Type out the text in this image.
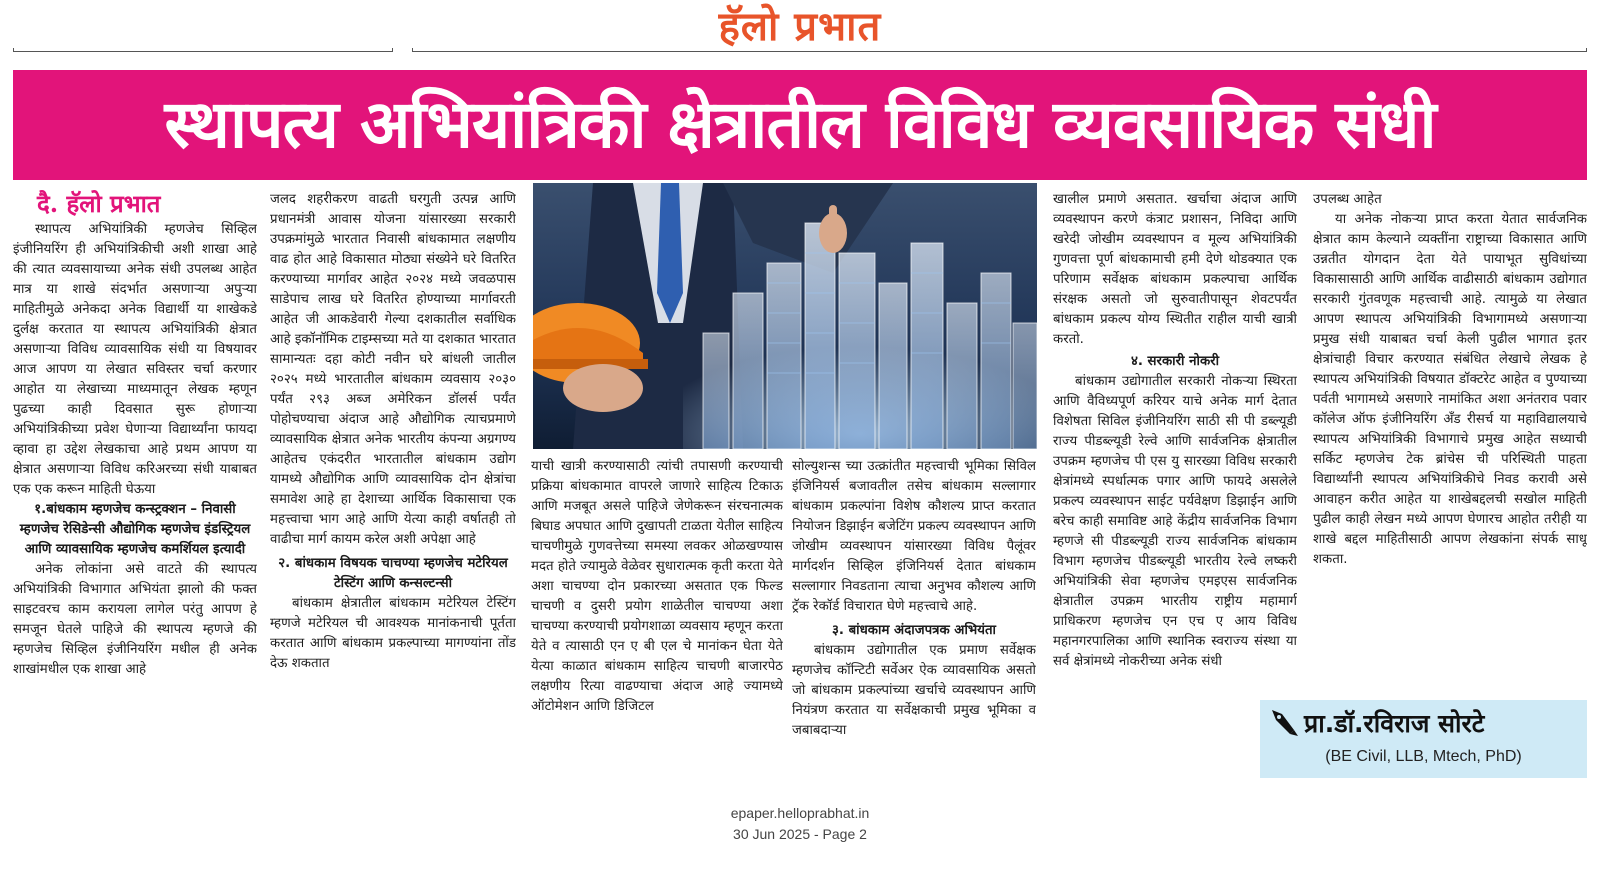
हॅलो प्रभात
स्थापत्य अभियांत्रिकी क्षेत्रातील विविध व्यवसायिक संधी
दै. हॅलो प्रभात

स्थापत्य अभियांत्रिकी म्हणजेच सिव्हिल इंजीनियरिंग ही अभियांत्रिकीची अशी शाखा आहे की त्यात व्यवसायाच्या अनेक संधी उपलब्ध आहेत मात्र या शाखे संदर्भात असणाऱ्या अपुऱ्या माहितीमुळे अनेकदा अनेक विद्यार्थी या शाखेकडे दुर्लक्ष करतात या स्थापत्य अभियांत्रिकी क्षेत्रात असणाऱ्या विविध व्यावसायिक संधी या विषयावर आज आपण या लेखात सविस्तर चर्चा करणार आहोत या लेखाच्या माध्यमातून लेखक म्हणून पुढच्या काही दिवसात सुरू होणाऱ्या अभियांत्रिकीच्या प्रवेश घेणाऱ्या विद्यार्थ्यांना फायदा व्हावा हा उद्देश लेखकाचा आहे प्रथम आपण या क्षेत्रात असणाऱ्या विविध करिअरच्या संधी याबाबत एक एक करून माहिती घेऊया

१.बांधकाम म्हणजेच कन्स्ट्रक्शन – निवासी म्हणजेच रेसिडेन्सी औद्योगिक म्हणजेच इंडस्ट्रियल आणि व्यावसायिक म्हणजेच कमर्शियल इत्यादी

अनेक लोकांना असे वाटते की स्थापत्य अभियांत्रिकी विभागात अभियंता झालो की फक्त साइटवरच काम करायला लागेल परंतु आपण हे समजून घेतले पाहिजे की स्थापत्य म्हणजे की म्हणजेच सिव्हिल इंजीनियरिंग मधील ही अनेक शाखांमधील एक शाखा आहे

जलद शहरीकरण वाढती घरगुती उत्पन्न आणि प्रधानमंत्री आवास योजना यांसारख्या सरकारी उपक्रमांमुळे भारतात निवासी बांधकामात लक्षणीय वाढ होत आहे विकासात मोठ्या संख्येने घरे वितरित करण्याच्या मार्गावर आहेत २०२४ मध्ये जवळपास साडेपाच लाख घरे वितरित होण्याच्या मार्गावरती आहेत जी आकडेवारी गेल्या दशकातील सर्वाधिक आहे इकॉनॉमिक टाइम्सच्या मते या दशकात भारतात सामान्यतः दहा कोटी नवीन घरे बांधली जातील २०२५ मध्ये भारतातील बांधकाम व्यवसाय २०३० पर्यंत २९३ अब्ज अमेरिकन डॉलर्स पर्यंत पोहोचण्याचा अंदाज आहे औद्योगिक त्याचप्रमाणे व्यावसायिक क्षेत्रात अनेक भारतीय कंपन्या अग्रगण्य आहेतच एकंदरीत भारतातील बांधकाम उद्योग यामध्ये औद्योगिक आणि व्यावसायिक दोन क्षेत्रांचा समावेश आहे हा देशाच्या आर्थिक विकासाचा एक महत्त्वाचा भाग आहे आणि येत्या काही वर्षातही तो वाढीचा मार्ग कायम करेल अशी अपेक्षा आहे

२. बांधकाम विषयक चाचण्या म्हणजेच मटेरियल टेस्टिंग आणि कन्सल्टन्सी

बांधकाम क्षेत्रातील बांधकाम मटेरियल टेस्टिंग म्हणजे मटेरियल ची आवश्यक मानांकनाची पूर्तता करतात आणि बांधकाम प्रकल्पाच्या मागण्यांना तोंड देऊ शकतात

याची खात्री करण्यासाठी त्यांची तपासणी करण्याची प्रक्रिया बांधकामात वापरले जाणारे साहित्य टिकाऊ आणि मजबूत असले पाहिजे जेणेकरून संरचनात्मक बिघाड अपघात आणि दुखापती टाळता येतील साहित्य चाचणीमुळे गुणवत्तेच्या समस्या लवकर ओळखण्यास मदत होते ज्यामुळे वेळेवर सुधारात्मक कृती करता येते अशा चाचण्या दोन प्रकारच्या असतात एक फिल्ड चाचणी व दुसरी प्रयोग शाळेतील चाचण्या अशा चाचण्या करण्याची प्रयोगशाळा व्यवसाय म्हणून करता येते व त्यासाठी एन ए बी एल चे मानांकन घेता येते येत्या काळात बांधकाम साहित्य चाचणी बाजारपेठ लक्षणीय रित्या वाढण्याचा अंदाज आहे ज्यामध्ये ऑटोमेशन आणि डिजिटल

सोल्युशन्स च्या उत्क्रांतीत महत्त्वाची भूमिका सिविल इंजिनियर्स बजावतील तसेच बांधकाम सल्लागार बांधकाम प्रकल्पांना विशेष कौशल्य प्राप्त करतात नियोजन डिझाईन बजेटिंग प्रकल्प व्यवस्थापन आणि जोखीम व्यवस्थापन यांसारख्या विविध पैलूंवर मार्गदर्शन सिव्हिल इंजिनियर्स देतात बांधकाम सल्लागार निवडताना त्याचा अनुभव कौशल्य आणि ट्रॅक रेकॉर्ड विचारात घेणे महत्त्वाचे आहे.

३. बांधकाम अंदाजपत्रक अभियंता

बांधकाम उद्योगातील एक प्रमाण सर्वेक्षक म्हणजेच कॉन्टिटी सर्वेअर ऐक व्यावसायिक असतो जो बांधकाम प्रकल्पांच्या खर्चाचे व्यवस्थापन आणि नियंत्रण करतात या सर्वेक्षकाची प्रमुख भूमिका व जबाबदाऱ्या

खालील प्रमाणे असतात. खर्चाचा अंदाज आणि व्यवस्थापन करणे कंत्राट प्रशासन, निविदा आणि खरेदी जोखीम व्यवस्थापन व मूल्य अभियांत्रिकी गुणवत्ता पूर्ण बांधकामाची हमी देणे थोडक्यात एक परिणाम सर्वेक्षक बांधकाम प्रकल्पाचा आर्थिक संरक्षक असतो जो सुरुवातीपासून शेवटपर्यंत बांधकाम प्रकल्प योग्य स्थितीत राहील याची खात्री करतो.

४. सरकारी नोकरी

बांधकाम उद्योगातील सरकारी नोकऱ्या स्थिरता आणि वैविध्यपूर्ण करियर याचे अनेक मार्ग देतात विशेषता सिविल इंजीनियरिंग साठी सी पी डब्ल्यूडी राज्य पीडब्ल्यूडी रेल्वे आणि सार्वजनिक क्षेत्रातील उपक्रम म्हणजेच पी एस यु सारख्या विविध सरकारी क्षेत्रांमध्ये स्पर्धात्मक पगार आणि फायदे असलेले प्रकल्प व्यवस्थापन साईट पर्यवेक्षण डिझाईन आणि बरेच काही समाविष्ट आहे केंद्रीय सार्वजनिक विभाग म्हणजे सी पीडब्ल्यूडी राज्य सार्वजनिक बांधकाम विभाग म्हणजेच पीडब्ल्यूडी भारतीय रेल्वे लष्करी अभियांत्रिकी सेवा म्हणजेच एमइएस सार्वजनिक क्षेत्रातील उपक्रम भारतीय राष्ट्रीय महामार्ग प्राधिकरण म्हणजेच एन एच ए आय विविध महानगरपालिका आणि स्थानिक स्वराज्य संस्था या सर्व क्षेत्रांमध्ये नोकरीच्या अनेक संधी

उपलब्ध आहेत

या अनेक नोकऱ्या प्राप्त करता येतात सार्वजनिक क्षेत्रात काम केल्याने व्यक्तींना राष्ट्राच्या विकासात आणि उन्नतीत योगदान देता येते पायाभूत सुविधांच्या विकासासाठी आणि आर्थिक वाढीसाठी बांधकाम उद्योगात सरकारी गुंतवणूक महत्त्वाची आहे. त्यामुळे या लेखात आपण स्थापत्य अभियांत्रिकी विभागामध्ये असणाऱ्या प्रमुख संधी याबाबत चर्चा केली पुढील भागात इतर क्षेत्रांचाही विचार करण्यात संबंधित लेखाचे लेखक हे स्थापत्य अभियांत्रिकी विषयात डॉक्टरेट आहेत व पुण्याच्या पर्वती भागामध्ये असणारे नामांकित अशा अनंतराव पवार कॉलेज ऑफ इंजीनियरिंग अँड रीसर्च या महाविद्यालयाचे स्थापत्य अभियांत्रिकी विभागाचे प्रमुख आहेत सध्याची सर्किट म्हणजेच टेक ब्रांचेस ची परिस्थिती पाहता विद्यार्थ्यांनी स्थापत्य अभियांत्रिकीचे निवड करावी असे आवाहन करीत आहेत या शाखेबद्दलची सखोल माहिती पुढील काही लेखन मध्ये आपण घेणारच आहोत तरीही या शाखे बद्दल माहितीसाठी आपण लेखकांना संपर्क साधू शकता.

प्रा.डॉ.रविराज सोरटे
(BE Civil, LLB, Mtech, PhD)
epaper.helloprabhat.in
30 Jun 2025 - Page 2
